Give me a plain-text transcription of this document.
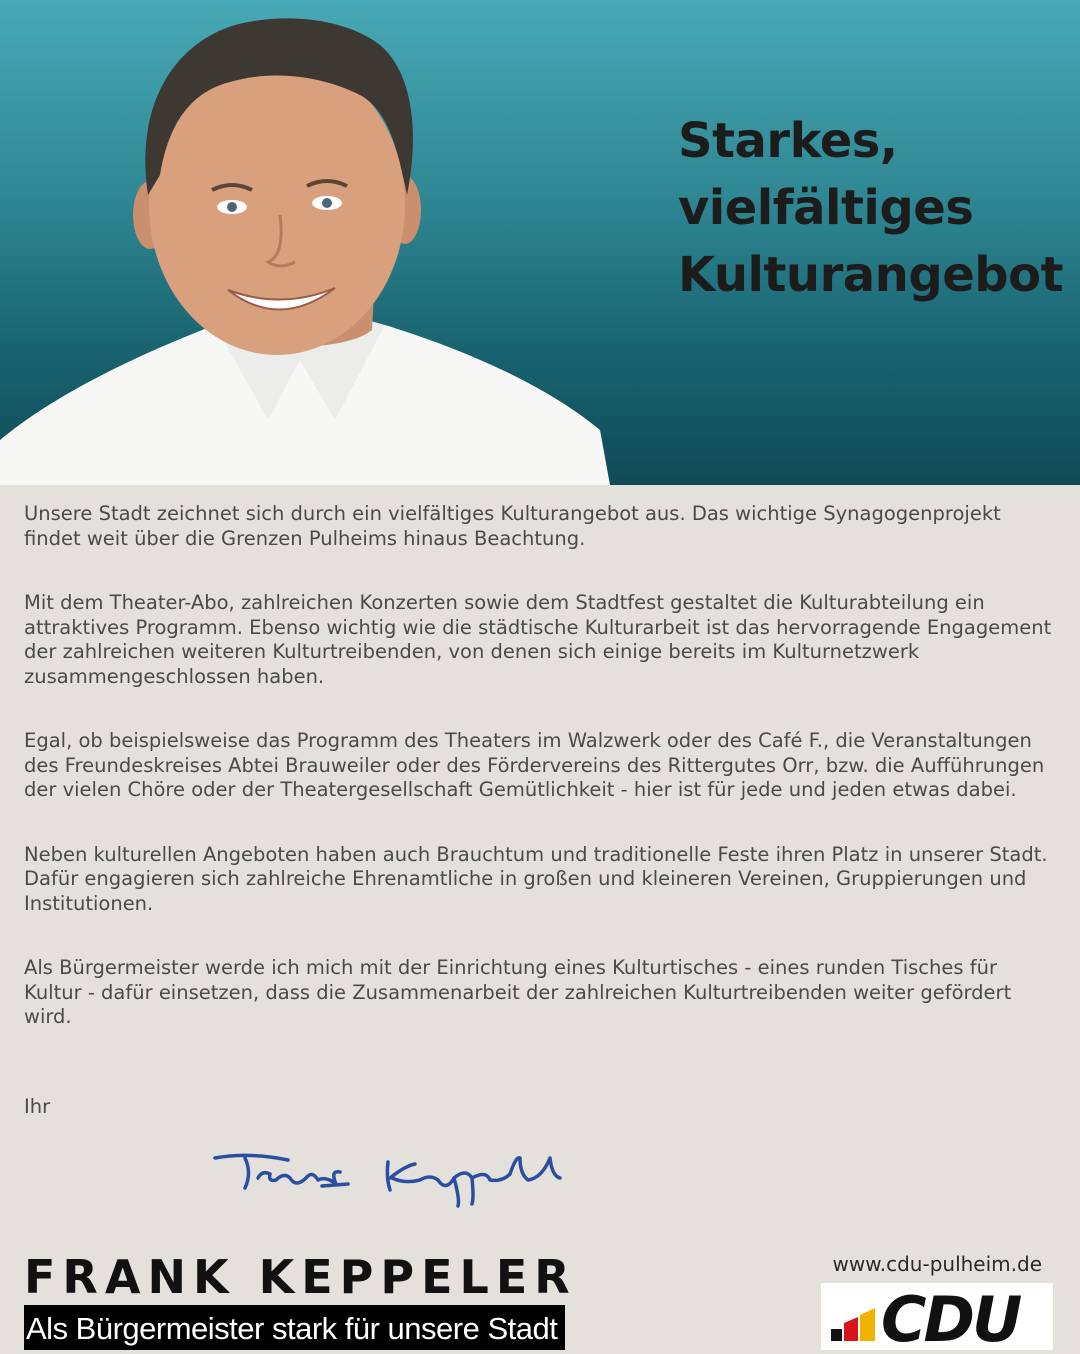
Starkes,
vielfältiges
Kulturangebot

Unsere Stadt zeichnet sich durch ein vielfältiges Kulturangebot aus. Das wichtige Synagogenprojekt findet weit über die Grenzen Pulheims hinaus Beachtung.

Mit dem Theater-Abo, zahlreichen Konzerten sowie dem Stadtfest gestaltet die Kulturabteilung ein attraktives Programm. Ebenso wichtig wie die städtische Kulturarbeit ist das hervorragende Engagement der zahlreichen weiteren Kulturtreibenden, von denen sich einige bereits im Kulturnetzwerk zusammengeschlossen haben.

Egal, ob beispielsweise das Programm des Theaters im Walzwerk oder des Café F., die Veranstaltungen des Freundeskreises Abtei Brauweiler oder des Fördervereins des Rittergutes Orr, bzw. die Aufführungen der vielen Chöre oder der Theatergesellschaft Gemütlichkeit - hier ist für jede und jeden etwas dabei.

Neben kulturellen Angeboten haben auch Brauchtum und traditionelle Feste ihren Platz in unserer Stadt. Dafür engagieren sich zahlreiche Ehrenamtliche in großen und kleineren Vereinen, Gruppierungen und Institutionen.

Als Bürgermeister werde ich mich mit der Einrichtung eines Kulturtisches - eines runden Tisches für Kultur - dafür einsetzen, dass die Zusammenarbeit der zahlreichen Kulturtreibenden weiter gefördert wird.

Ihr
FRANK KEPPELER
Als Bürgermeister stark für unsere Stadt
www.cdu-pulheim.de
CDU
